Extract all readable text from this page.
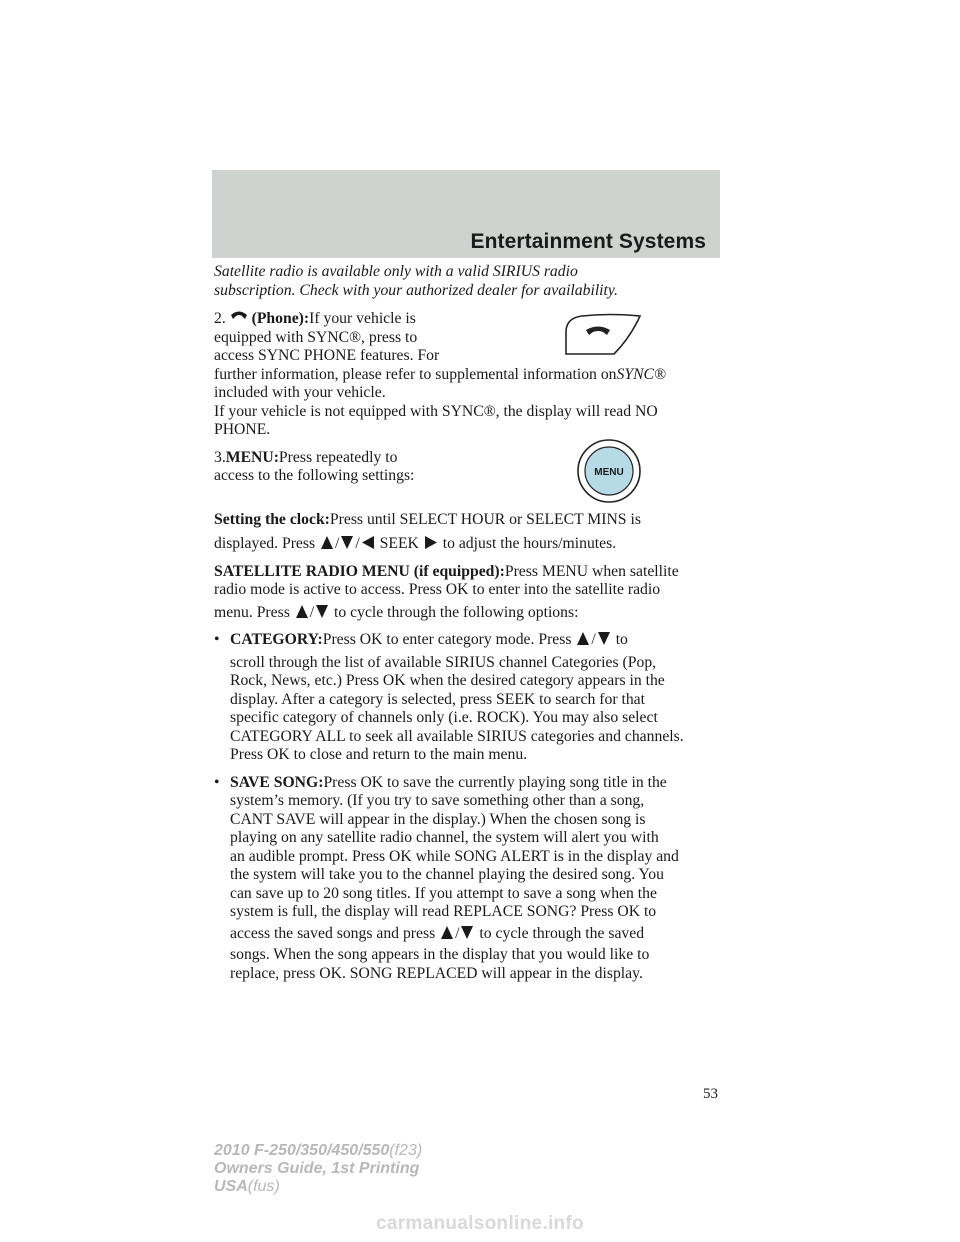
Entertainment Systems
MENU
Satellite radio is available only with a valid SIRIUS radio
subscription. Check with your authorized dealer for availability.
2. (Phone):If your vehicle is
equipped with SYNC®, press to
access SYNC PHONE features. For
further information, please refer to supplemental information onSYNC®
included with your vehicle.
If your vehicle is not equipped with SYNC®, the display will read NO
PHONE.
3.MENU:Press repeatedly to
access to the following settings:
Setting the clock:Press until SELECT HOUR or SELECT MINS is
displayed. Press / / SEEK to adjust the hours/minutes.
SATELLITE RADIO MENU (if equipped):Press MENU when satellite
radio mode is active to access. Press OK to enter into the satellite radio
menu. Press / to cycle through the following options:
• CATEGORY:Press OK to enter category mode. Press / to
scroll through the list of available SIRIUS channel Categories (Pop,
Rock, News, etc.) Press OK when the desired category appears in the
display. After a category is selected, press SEEK to search for that
specific category of channels only (i.e. ROCK). You may also select
CATEGORY ALL to seek all available SIRIUS categories and channels.
Press OK to close and return to the main menu.
• SAVE SONG:Press OK to save the currently playing song title in the
system’s memory. (If you try to save something other than a song,
CANT SAVE will appear in the display.) When the chosen song is
playing on any satellite radio channel, the system will alert you with
an audible prompt. Press OK while SONG ALERT is in the display and
the system will take you to the channel playing the desired song. You
can save up to 20 song titles. If you attempt to save a song when the
system is full, the display will read REPLACE SONG? Press OK to
access the saved songs and press / to cycle through the saved
songs. When the song appears in the display that you would like to
replace, press OK. SONG REPLACED will appear in the display.
53
2010 F-250/350/450/550(f23)
Owners Guide, 1st Printing
USA(fus)
carmanualsonline.info
